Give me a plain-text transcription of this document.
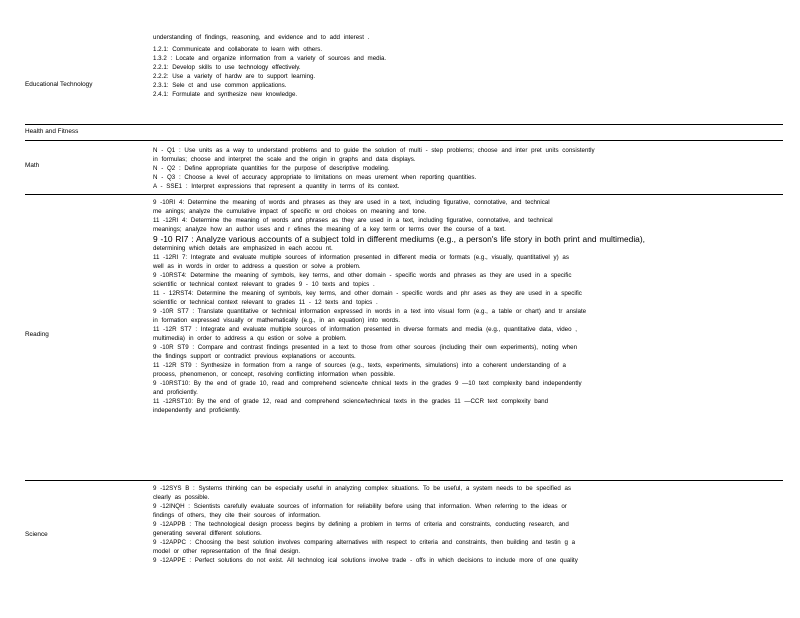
Educational Technology

understanding of findings, reasoning, and evidence and to add interest .

1.2.1: Communicate and collaborate to learn with others.

1.3.2 : Locate and organize information from a variety of sources and media.

2.2.1: Develop skills to use technology effectively.

2.2.2: Use a variety of hardw are to support learning.

2.3.1: Sele ct and use common applications.

2.4.1: Formulate and synthesize new knowledge.

Health and Fitness
Math

N - Q1 : Use units as a way to understand problems and to guide the solution of multi - step problems; choose and inter pret units consistently

in formulas; choose and interpret the scale and the origin in graphs and data displays.

N - Q2 : Define appropriate quantities for the purpose of descriptive modeling.

N - Q3 : Choose a level of accuracy appropriate to limitations on meas urement when reporting quantities.

A - SSE1 : Interpret expressions that represent a quantity in terms of its context.

Reading

9 -10RI 4: Determine the meaning of words and phrases as they are used in a text, including figurative, connotative, and technical

me anings; analyze the cumulative impact of specific w ord choices on meaning and tone.

11 -12RI 4: Determine the meaning of words and phrases as they are used in a text, including figurative, connotative, and technical

meanings; analyze how an author uses and r efines the meaning of a key term or terms over the course of a text.

9 -10 RI7 : Analyze various accounts of a subject told in different mediums (e.g., a person's life story in both print and multimedia),

determining which details are emphasized in each accou nt.

11 -12RI 7: Integrate and evaluate multiple sources of information presented in different media or formats (e.g., visually, quantitativel y) as

well as in words in order to address a question or solve a problem.

9 -10RST4: Determine the meaning of symbols, key terms, and other domain - specific words and phrases as they are used in a specific

scientific or technical context relevant to grades 9 - 10 texts and topics .

11 - 12RST4: Determine the meaning of symbols, key terms, and other domain - specific words and phr ases as they are used in a specific

scientific or technical context relevant to grades 11 - 12 texts and topics .

9 -10R ST7 : Translate quantitative or technical information expressed in words in a text into visual form (e.g., a table or chart) and tr anslate

in formation expressed visually or mathematically (e.g., in an equation) into words.

11 -12R ST7 : Integrate and evaluate multiple sources of information presented in diverse formats and media (e.g., quantitative data, video ,

multimedia) in order to address a qu estion or solve a problem.

9 -10R ST9 : Compare and contrast findings presented in a text to those from other sources (including their own experiments), noting when

the findings support or contradict previous explanations or accounts.

11 -12R ST9 : Synthesize in formation from a range of sources (e.g., texts, experiments, simulations) into a coherent understanding of a

process, phenomenon, or concept, resolving conflicting information when possible.

9 -10RST10: By the end of grade 10, read and comprehend science/te chnical texts in the grades 9 —10 text complexity band independently

and proficiently.

11 -12RST10: By the end of grade 12, read and comprehend science/technical texts in the grades 11 —CCR text complexity band

independently and proficiently.

Science

9 -12SYS B : Systems thinking can be especially useful in analyzing complex situations. To be useful, a system needs to be specified as

clearly as possible.

9 -12INQH : Scientists carefully evaluate sources of information for reliability before using that information. When referring to the ideas or

findings of others, they cite their sources of information.

9 -12APPB : The technological design process begins by defining a problem in terms of criteria and constraints, conducting research, and

generating several different solutions.

9 -12APPC : Choosing the best solution involves comparing alternatives with respect to criteria and constraints, then building and testin g a

model or other representation of the final design.

9 -12APPE : Perfect solutions do not exist. All technolog ical solutions involve trade - offs in which decisions to include more of one quality
